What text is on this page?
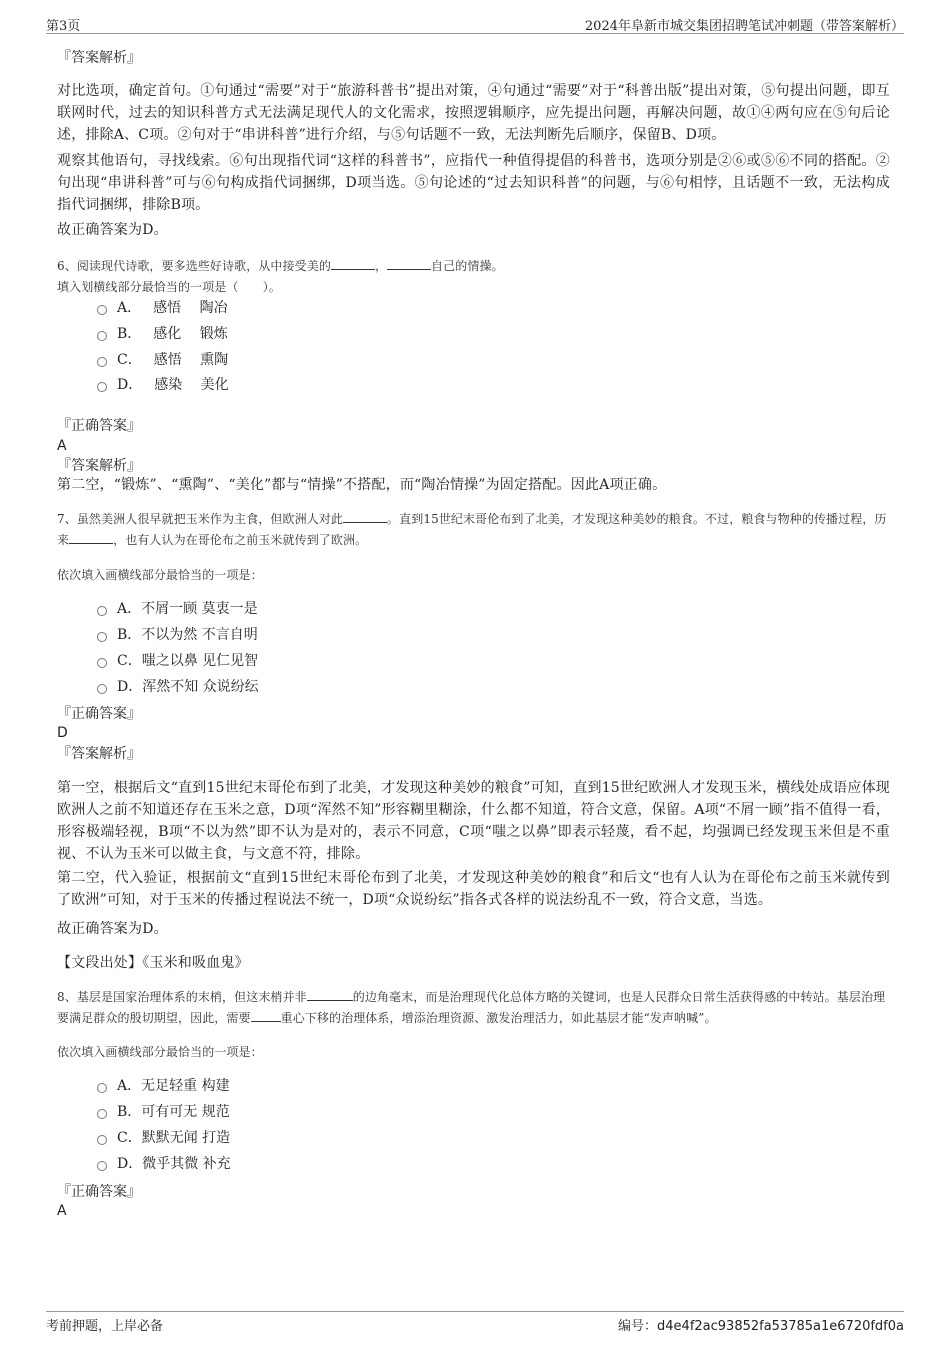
第3页	2024年阜新市城交集团招聘笔试冲刺题（带答案解析）
『答案解析』
对比选项，确定首句。①句通过“需要”对于“旅游科普书”提出对策，④句通过“需要”对于“科普出版”提出对策，⑤句提出问题，即互联网时代，过去的知识科普方式无法满足现代人的文化需求，按照逻辑顺序，应先提出问题，再解决问题，故①④两句应在⑤句后论述，排除A、C项。②句对于“串讲科普”进行介绍，与⑤句话题不一致，无法判断先后顺序，保留B、D项。
观察其他语句，寻找线索。⑥句出现指代词“这样的科普书”，应指代一种值得提倡的科普书，选项分别是②⑥或⑤⑥不同的搭配。②句出现“串讲科普”可与⑥句构成指代词捆绑，D项当选。⑤句论述的“过去知识科普”的问题，与⑥句相悖，且话题不一致，无法构成指代词捆绑，排除B项。
故正确答案为D。
6、阅读现代诗歌，要多选些好诗歌，从中接受美的	，	自己的情操。
填入划横线部分最恰当的一项是（　　）。
A． 感悟　 陶冶
B． 感化　 锻炼
C． 感悟　 熏陶
D． 感染　 美化
『正确答案』
A
『答案解析』
第二空，“锻炼”、“熏陶”、“美化”都与“情操”不搭配，而“陶冶情操”为固定搭配。因此A项正确。
7、虽然美洲人很早就把玉米作为主食，但欧洲人对此	。直到15世纪末哥伦布到了北美，才发现这种美妙的粮食。不过，粮食与物种的传播过程，历来	，也有人认为在哥伦布之前玉米就传到了欧洲。
依次填入画横线部分最恰当的一项是：
A． 不屑一顾 莫衷一是
B． 不以为然 不言自明
C． 嗤之以鼻 见仁见智
D． 浑然不知 众说纷纭
『正确答案』
D
『答案解析』
第一空，根据后文“直到15世纪末哥伦布到了北美，才发现这种美妙的粮食”可知，直到15世纪欧洲人才发现玉米，横线处成语应体现欧洲人之前不知道还存在玉米之意，D项“浑然不知”形容糊里糊涂，什么都不知道，符合文意，保留。A项“不屑一顾”指不值得一看，形容极端轻视，B项“不以为然”即不认为是对的，表示不同意，C项“嗤之以鼻”即表示轻蔑，看不起，均强调已经发现玉米但是不重视、不认为玉米可以做主食，与文意不符，排除。
第二空，代入验证，根据前文“直到15世纪末哥伦布到了北美，才发现这种美妙的粮食”和后文“也有人认为在哥伦布之前玉米就传到了欧洲”可知，对于玉米的传播过程说法不统一，D项“众说纷纭”指各式各样的说法纷乱不一致，符合文意，当选。
故正确答案为D。
【文段出处】《玉米和吸血鬼》
8、基层是国家治理体系的末梢，但这末梢并非	的边角毫末，而是治理现代化总体方略的关键词，也是人民群众日常生活获得感的中转站。基层治理要满足群众的殷切期望，因此，需要	重心下移的治理体系，增添治理资源、激发治理活力，如此基层才能“发声呐喊”。
依次填入画横线部分最恰当的一项是：
A． 无足轻重 构建
B． 可有可无 规范
C． 默默无闻 打造
D． 微乎其微 补充
『正确答案』
A
考前押题，上岸必备	编号：d4e4f2ac93852fa53785a1e6720fdf0a
